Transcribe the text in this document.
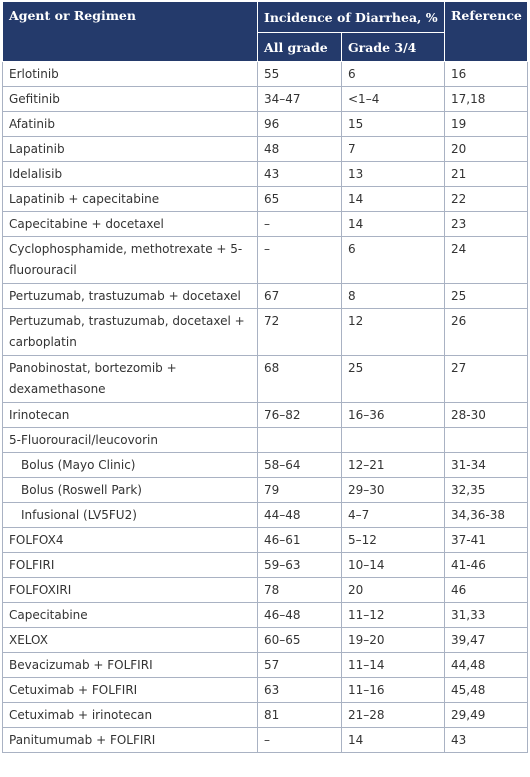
Agent or Regimen	Incidence of Diarrhea, %		Reference
	All grade	Grade 3/4	
Erlotinib	55	6	16
Gefitinib	34–47	<1–4	17,18
Afatinib	96	15	19
Lapatinib	48	7	20
Idelalisib	43	13	21
Lapatinib + capecitabine	65	14	22
Capecitabine + docetaxel	–	14	23
Cyclophosphamide, methotrexate + 5-fluorouracil	–	6	24
Pertuzumab, trastuzumab + docetaxel	67	8	25
Pertuzumab, trastuzumab, docetaxel + carboplatin	72	12	26
Panobinostat, bortezomib + dexamethasone	68	25	27
Irinotecan	76–82	16–36	28-30
5-Fluorouracil/leucovorin			
Bolus (Mayo Clinic)	58–64	12–21	31-34
Bolus (Roswell Park)	79	29–30	32,35
Infusional (LV5FU2)	44–48	4–7	34,36-38
FOLFOX4	46–61	5–12	37-41
FOLFIRI	59–63	10–14	41-46
FOLFOXIRI	78	20	46
Capecitabine	46–48	11–12	31,33
XELOX	60–65	19–20	39,47
Bevacizumab + FOLFIRI	57	11–14	44,48
Cetuximab + FOLFIRI	63	11–16	45,48
Cetuximab + irinotecan	81	21–28	29,49
Panitumumab + FOLFIRI	–	14	43
